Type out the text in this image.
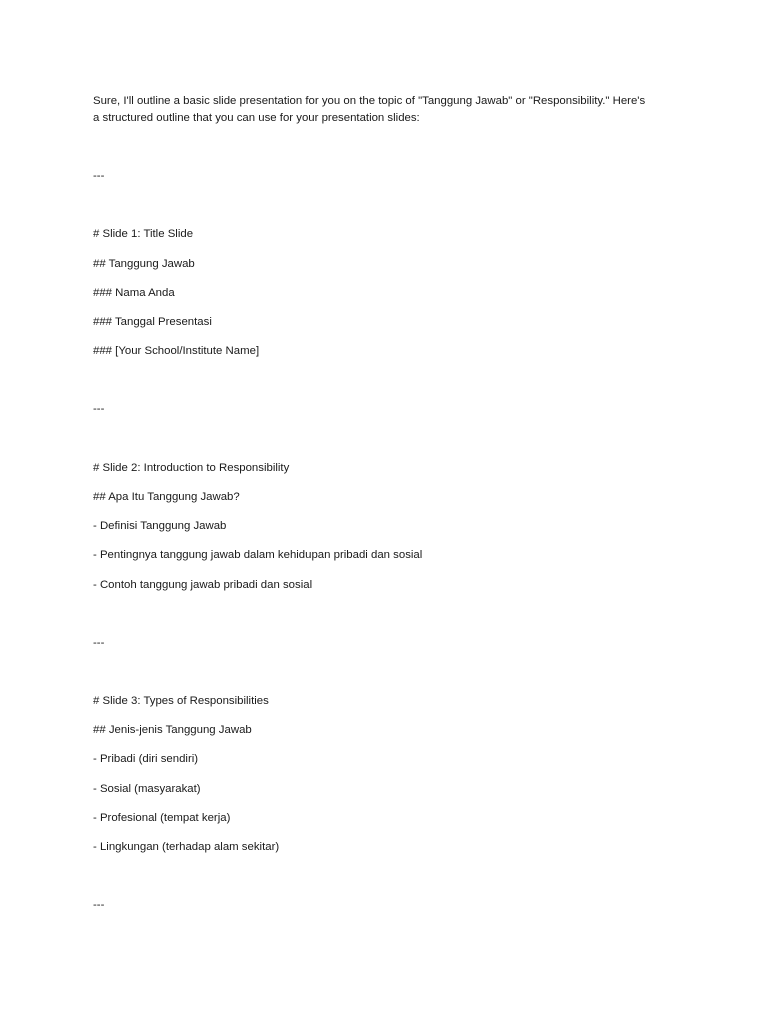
Sure, I'll outline a basic slide presentation for you on the topic of "Tanggung Jawab" or "Responsibility." Here's
a structured outline that you can use for your presentation slides:
---
# Slide 1: Title Slide
## Tanggung Jawab
### Nama Anda
### Tanggal Presentasi
### [Your School/Institute Name]
---
# Slide 2: Introduction to Responsibility
## Apa Itu Tanggung Jawab?
- Definisi Tanggung Jawab
- Pentingnya tanggung jawab dalam kehidupan pribadi dan sosial
- Contoh tanggung jawab pribadi dan sosial
---
# Slide 3: Types of Responsibilities
## Jenis-jenis Tanggung Jawab
- Pribadi (diri sendiri)
- Sosial (masyarakat)
- Profesional (tempat kerja)
- Lingkungan (terhadap alam sekitar)
---
